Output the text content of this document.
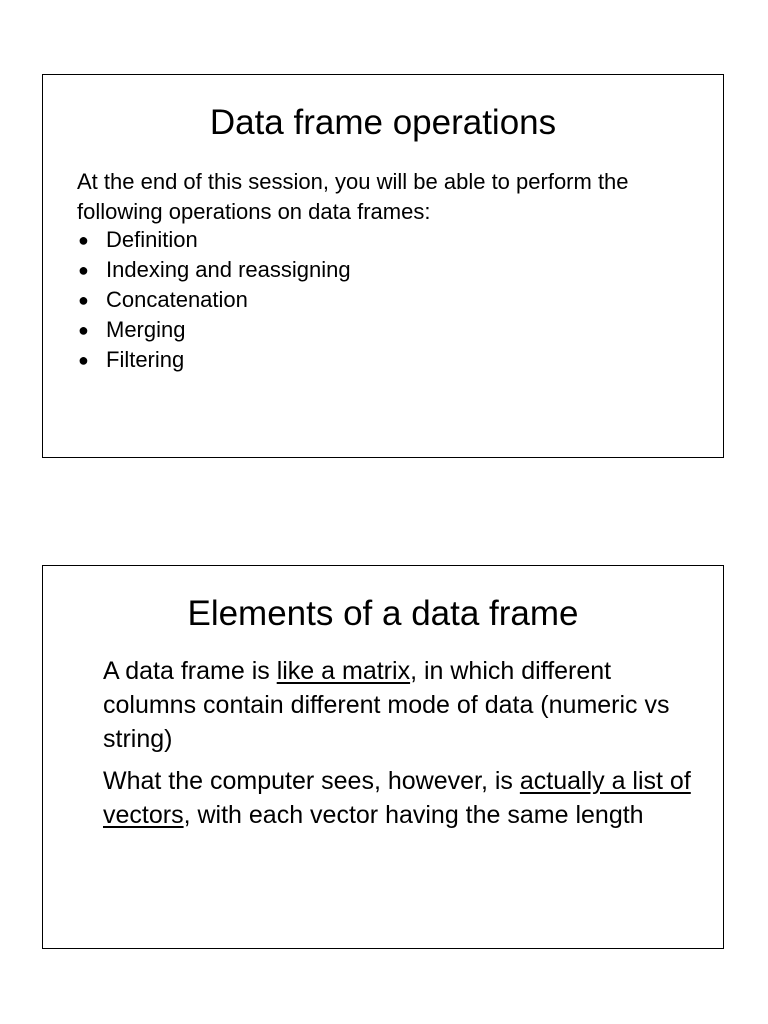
Data frame operations

At the end of this session, you will be able to perform the following operations on data frames:

● Definition
● Indexing and reassigning
● Concatenation
● Merging
● Filtering
Elements of a data frame

A data frame is like a matrix, in which different columns contain different mode of data (numeric vs string)

What the computer sees, however, is actually a list of vectors, with each vector having the same length
